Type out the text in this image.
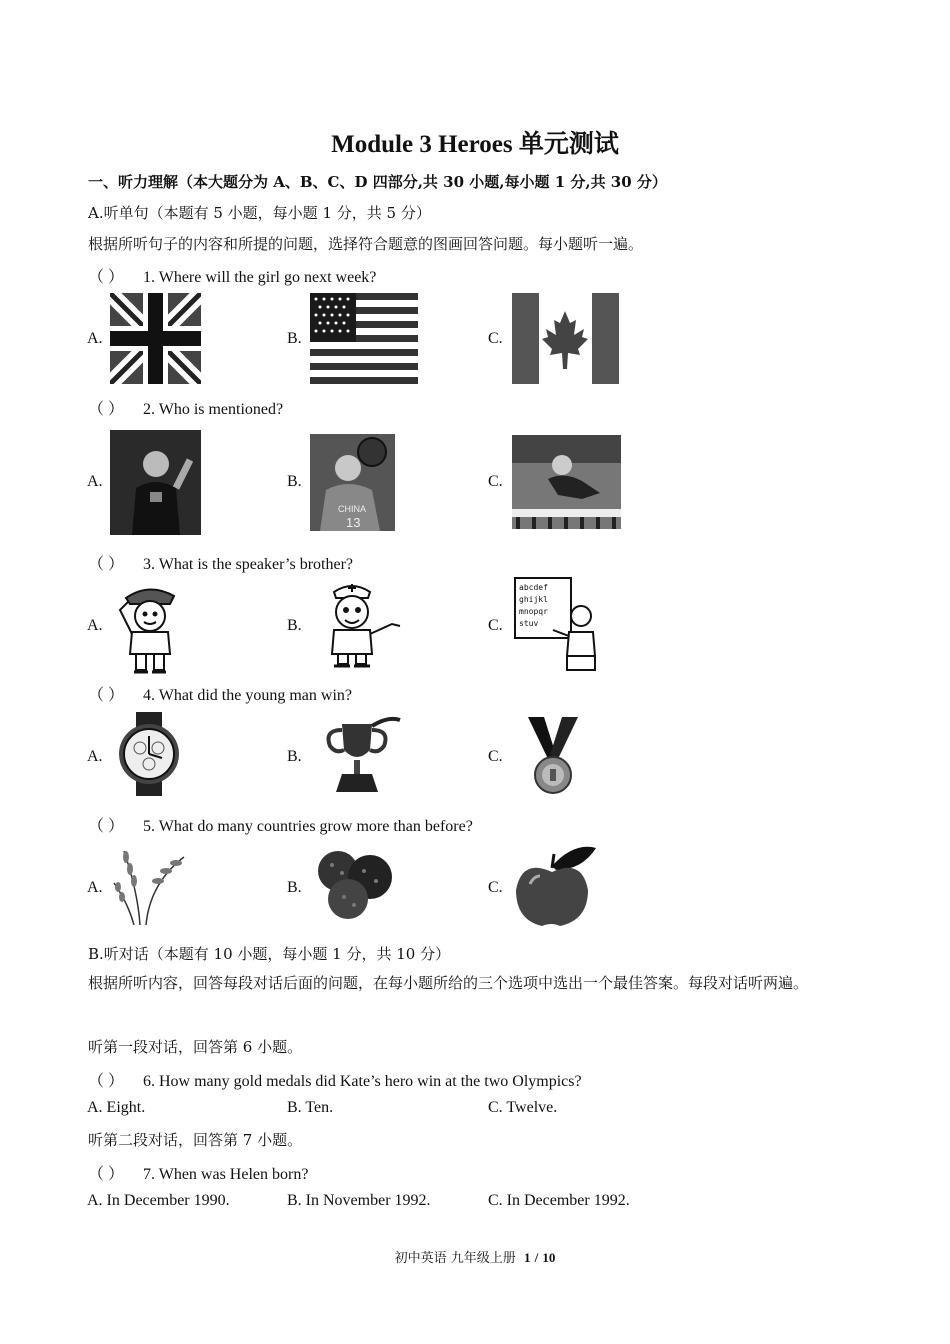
Module 3 Heroes 单元测试
一、听力理解（本大题分为 A、B、C、D 四部分,共 30 小题,每小题 1 分,共 30 分）
A.听单句（本题有 5 小题，每小题 1 分，共 5 分）
根据所听句子的内容和所提的问题，选择符合题意的图画回答问题。每小题听一遍。
（ ） 1. Where will the girl go next week?
A.	B.	C.
（ ） 2. Who is mentioned?
A.	B.	C.
CHINA
13
（ ） 3. What is the speaker’s brother?
A.	B.	C.
abcdef
ghijkl
mnopqr
stuv
（ ） 4. What did the young man win?
A.	B.	C.
（ ） 5. What do many countries grow more than before?
A.	B.	C.
B.听对话（本题有 10 小题，每小题 1 分，共 10 分）
根据所听内容，回答每段对话后面的问题，在每小题所给的三个选项中选出一个最佳答案。每段对话听两遍。
听第一段对话，回答第 6 小题。
（ ） 6. How many gold medals did Kate’s hero win at the two Olympics?
A. Eight.	B. Ten.	C. Twelve.
听第二段对话，回答第 7 小题。
（ ） 7. When was Helen born?
A. In December 1990.	B. In November 1992.	C. In December 1992.
初中英语 九年级上册 1 / 10
